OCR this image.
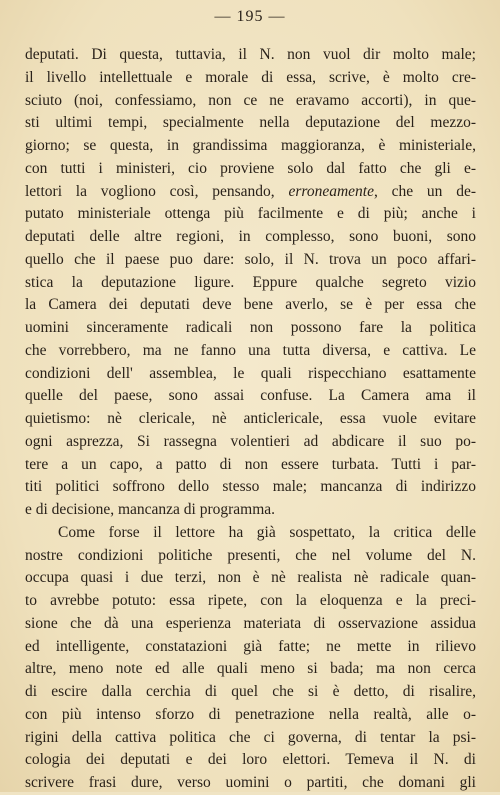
— 195 —
deputati. Di questa, tuttavia, il N. non vuol dir molto male;
il livello intellettuale e morale di essa, scrive, è molto cre-
sciuto (noi, confessiamo, non ce ne eravamo accorti), in que-
sti ultimi tempi, specialmente nella deputazione del mezzo-
giorno; se questa, in grandissima maggioranza, è ministeriale,
con tutti i ministeri, cio proviene solo dal fatto che gli e-
lettori la vogliono così, pensando, erroneamente, che un de-
putato ministeriale ottenga più facilmente e di più; anche i
deputati delle altre regioni, in complesso, sono buoni, sono
quello che il paese puo dare: solo, il N. trova un poco affari-
stica la deputazione ligure. Eppure qualche segreto vizio
la Camera dei deputati deve bene averlo, se è per essa che
uomini sinceramente radicali non possono fare la politica
che vorrebbero, ma ne fanno una tutta diversa, e cattiva. Le
condizioni dell' assemblea, le quali rispecchiano esattamente
quelle del paese, sono assai confuse. La Camera ama il
quietismo: nè clericale, nè anticlericale, essa vuole evitare
ogni asprezza, Si rassegna volentieri ad abdicare il suo po-
tere a un capo, a patto di non essere turbata. Tutti i par-
titi politici soffrono dello stesso male; mancanza di indirizzo
e di decisione, mancanza di programma.
Come forse il lettore ha già sospettato, la critica delle
nostre condizioni politiche presenti, che nel volume del N.
occupa quasi i due terzi, non è nè realista nè radicale quan-
to avrebbe potuto: essa ripete, con la eloquenza e la preci-
sione che dà una esperienza materiata di osservazione assidua
ed intelligente, constatazioni già fatte; ne mette in rilievo
altre, meno note ed alle quali meno si bada; ma non cerca
di escire dalla cerchia di quel che si è detto, di risalire,
con più intenso sforzo di penetrazione nella realtà, alle o-
rigini della cattiva politica che ci governa, di tentar la psi-
cologia dei deputati e dei loro elettori. Temeva il N. di
scrivere frasi dure, verso uomini o partiti, che domani gli
